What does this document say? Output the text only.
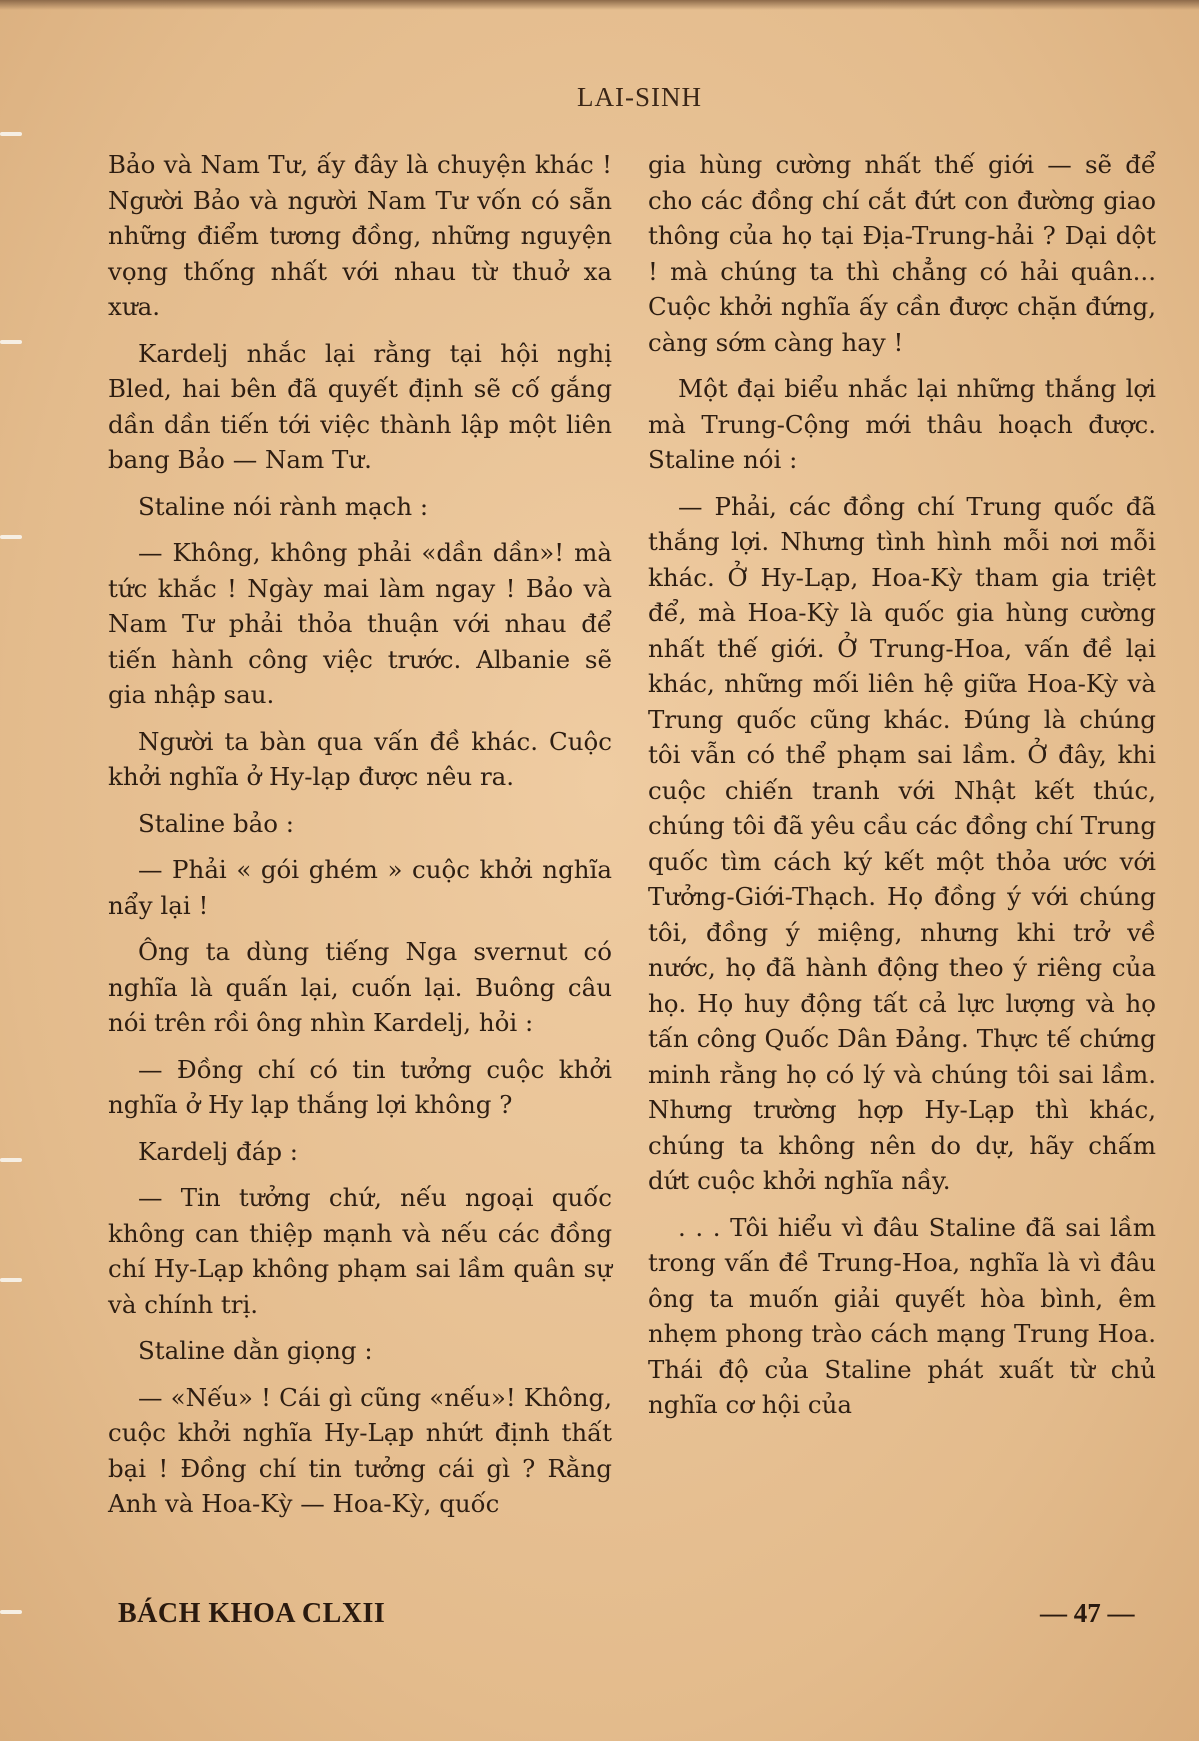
LAI-SINH

Bảo và Nam Tư, ấy đây là chuyện khác ! Người Bảo và người Nam Tư vốn có sẵn những điểm tương đồng, những nguyện vọng thống nhất với nhau từ thuở xa xưa.

Kardelj nhắc lại rằng tại hội nghị Bled, hai bên đã quyết định sẽ cố gắng dần dần tiến tới việc thành lập một liên bang Bảo — Nam Tư.

Staline nói rành mạch :

— Không, không phải «dần dần»! mà tức khắc ! Ngày mai làm ngay ! Bảo và Nam Tư phải thỏa thuận với nhau để tiến hành công việc trước. Albanie sẽ gia nhập sau.

Người ta bàn qua vấn đề khác. Cuộc khởi nghĩa ở Hy-lạp được nêu ra.

Staline bảo :

— Phải « gói ghém » cuộc khởi nghĩa nẩy lại !

Ông ta dùng tiếng Nga svernut có nghĩa là quấn lại, cuốn lại. Buông câu nói trên rồi ông nhìn Kardelj, hỏi :

— Đồng chí có tin tưởng cuộc khởi nghĩa ở Hy lạp thắng lợi không ?

Kardelj đáp :

— Tin tưởng chứ, nếu ngoại quốc không can thiệp mạnh và nếu các đồng chí Hy-Lạp không phạm sai lầm quân sự và chính trị.

Staline dằn giọng :

— «Nếu» ! Cái gì cũng «nếu»! Không, cuộc khởi nghĩa Hy-Lạp nhứt định thất bại ! Đồng chí tin tưởng cái gì ? Rằng Anh và Hoa-Kỳ — Hoa-Kỳ, quốc

gia hùng cường nhất thế giới — sẽ để cho các đồng chí cắt đứt con đường giao thông của họ tại Địa-Trung-hải ? Dại dột ! mà chúng ta thì chẳng có hải quân... Cuộc khởi nghĩa ấy cần được chặn đứng, càng sớm càng hay !

Một đại biểu nhắc lại những thắng lợi mà Trung-Cộng mới thâu hoạch được. Staline nói :

— Phải, các đồng chí Trung quốc đã thắng lợi. Nhưng tình hình mỗi nơi mỗi khác. Ở Hy-Lạp, Hoa-Kỳ tham gia triệt để, mà Hoa-Kỳ là quốc gia hùng cường nhất thế giới. Ở Trung-Hoa, vấn đề lại khác, những mối liên hệ giữa Hoa-Kỳ và Trung quốc cũng khác. Đúng là chúng tôi vẫn có thể phạm sai lầm. Ở đây, khi cuộc chiến tranh với Nhật kết thúc, chúng tôi đã yêu cầu các đồng chí Trung quốc tìm cách ký kết một thỏa ước với Tưởng-Giới-Thạch. Họ đồng ý với chúng tôi, đồng ý miệng, nhưng khi trở về nước, họ đã hành động theo ý riêng của họ. Họ huy động tất cả lực lượng và họ tấn công Quốc Dân Đảng. Thực tế chứng minh rằng họ có lý và chúng tôi sai lầm. Nhưng trường hợp Hy-Lạp thì khác, chúng ta không nên do dự, hãy chấm dứt cuộc khởi nghĩa nầy.

. . . Tôi hiểu vì đâu Staline đã sai lầm trong vấn đề Trung-Hoa, nghĩa là vì đâu ông ta muốn giải quyết hòa bình, êm nhẹm phong trào cách mạng Trung Hoa. Thái độ của Staline phát xuất từ chủ nghĩa cơ hội của

BÁCH KHOA CLXII	— 47 —
